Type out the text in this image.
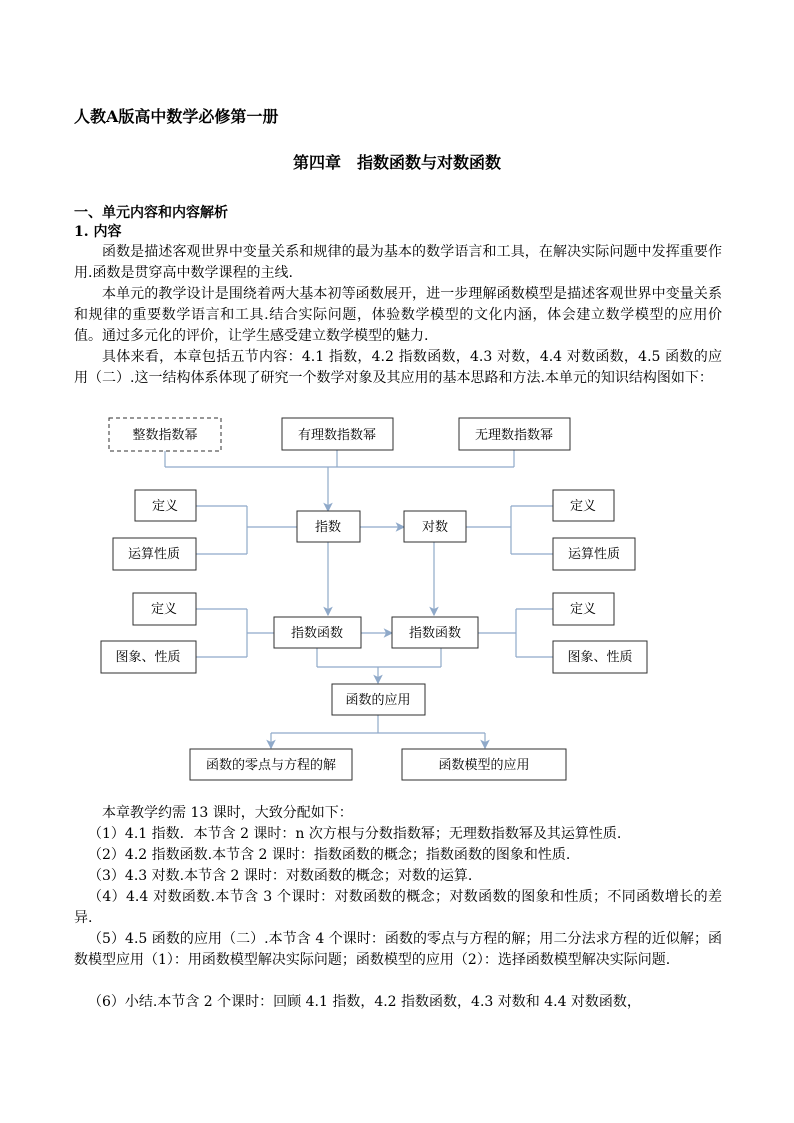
人教A版高中数学必修第一册
第四章　指数函数与对数函数
一、单元内容和内容解析
1. 内容

函数是描述客观世界中变量关系和规律的最为基本的数学语言和工具，在解决实际问题中发挥重要作用.函数是贯穿高中数学课程的主线.

本单元的教学设计是围绕着两大基本初等函数展开，进一步理解函数模型是描述客观世界中变量关系和规律的重要数学语言和工具.结合实际问题，体验数学模型的文化内涵，体会建立数学模型的应用价值。通过多元化的评价，让学生感受建立数学模型的魅力.

具体来看，本章包括五节内容：4.1 指数，4.2 指数函数，4.3 对数，4.4 对数函数，4.5 函数的应用（二）.这一结构体系体现了研究一个数学对象及其应用的基本思路和方法.本单元的知识结构图如下：

整数指数幂	有理数指数幂	无理数指数幂
定义
运算性质
指数	对数
定义
运算性质
定义
图象、性质
指数函数	指数函数
定义
图象、性质
函数的应用
函数的零点与方程的解	函数模型的应用

本章教学约需 13 课时，大致分配如下：

（1）4.1 指数．本节含 2 课时：n 次方根与分数指数幂；无理数指数幂及其运算性质.

（2）4.2 指数函数.本节含 2 课时：指数函数的概念；指数函数的图象和性质.

（3）4.3 对数.本节含 2 课时：对数函数的概念；对数的运算.

（4）4.4 对数函数.本节含 3 个课时：对数函数的概念；对数函数的图象和性质；不同函数增长的差异.

（5）4.5 函数的应用（二）.本节含 4 个课时：函数的零点与方程的解；用二分法求方程的近似解；函数模型应用（1）：用函数模型解决实际问题；函数模型的应用（2）：选择函数模型解决实际问题.

（6）小结.本节含 2 个课时：回顾 4.1 指数，4.2 指数函数，4.3 对数和 4.4 对数函数，
